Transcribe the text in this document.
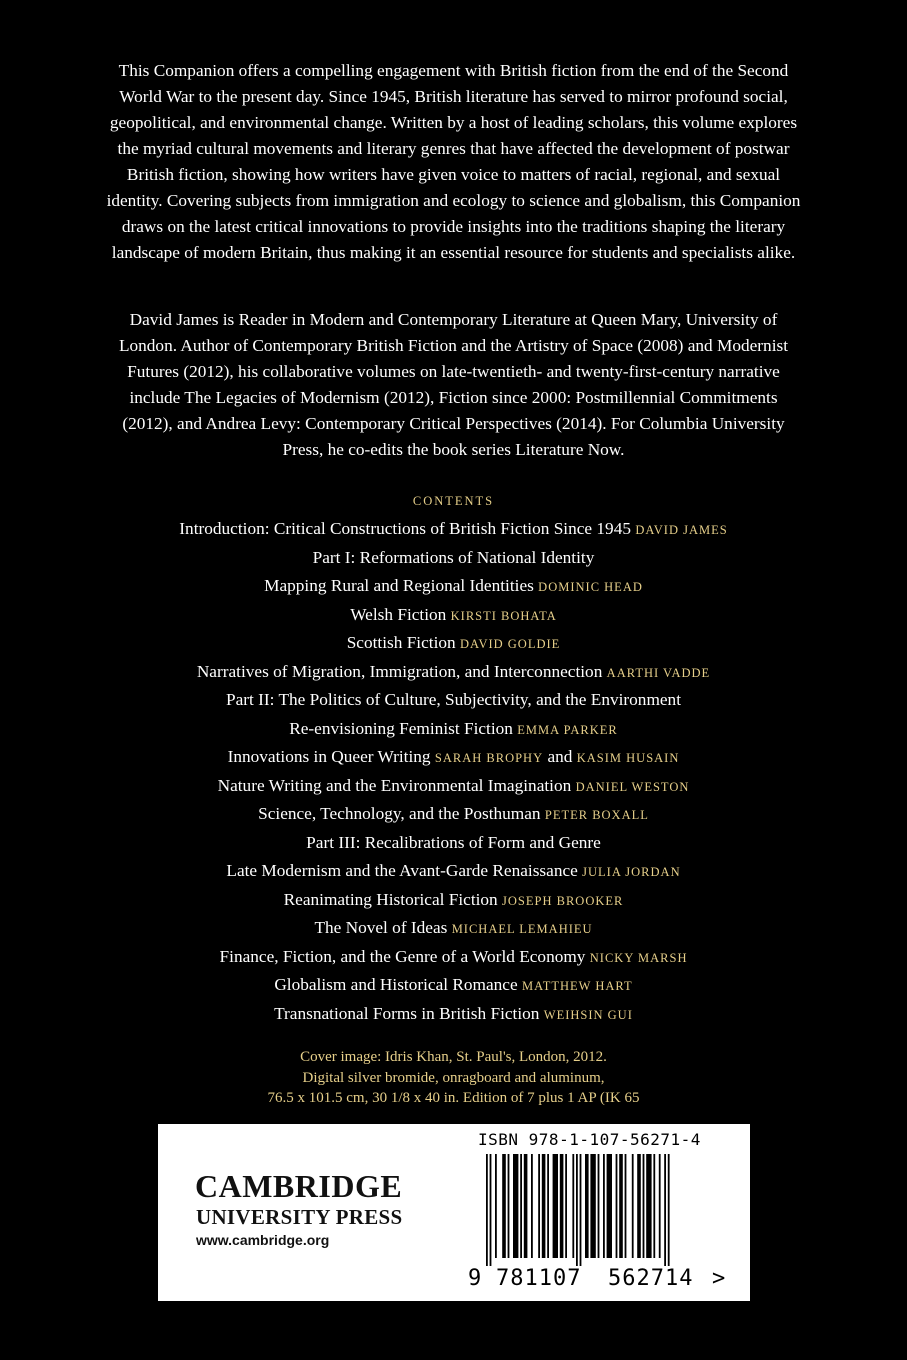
This Companion offers a compelling engagement with British fiction from the end of the Second World War to the present day. Since 1945, British literature has served to mirror profound social, geopolitical, and environmental change. Written by a host of leading scholars, this volume explores the myriad cultural movements and literary genres that have affected the development of postwar British fiction, showing how writers have given voice to matters of racial, regional, and sexual identity. Covering subjects from immigration and ecology to science and globalism, this Companion draws on the latest critical innovations to provide insights into the traditions shaping the literary landscape of modern Britain, thus making it an essential resource for students and specialists alike.

David James is Reader in Modern and Contemporary Literature at Queen Mary, University of London. Author of Contemporary British Fiction and the Artistry of Space (2008) and Modernist Futures (2012), his collaborative volumes on late-twentieth- and twenty-first-century narrative include The Legacies of Modernism (2012), Fiction since 2000: Postmillennial Commitments (2012), and Andrea Levy: Contemporary Critical Perspectives (2014). For Columbia University Press, he co-edits the book series Literature Now.

CONTENTS
Introduction: Critical Constructions of British Fiction Since 1945 DAVID JAMES
Part I: Reformations of National Identity
Mapping Rural and Regional Identities DOMINIC HEAD
Welsh Fiction KIRSTI BOHATA
Scottish Fiction DAVID GOLDIE
Narratives of Migration, Immigration, and Interconnection AARTHI VADDE
Part II: The Politics of Culture, Subjectivity, and the Environment
Re-envisioning Feminist Fiction EMMA PARKER
Innovations in Queer Writing SARAH BROPHY and KASIM HUSAIN
Nature Writing and the Environmental Imagination DANIEL WESTON
Science, Technology, and the Posthuman PETER BOXALL
Part III: Recalibrations of Form and Genre
Late Modernism and the Avant-Garde Renaissance JULIA JORDAN
Reanimating Historical Fiction JOSEPH BROOKER
The Novel of Ideas MICHAEL LEMAHIEU
Finance, Fiction, and the Genre of a World Economy NICKY MARSH
Globalism and Historical Romance MATTHEW HART
Transnational Forms in British Fiction WEIHSIN GUI
Cover image: Idris Khan, St. Paul's, London, 2012.
Digital silver bromide, onragboard and aluminum,
76.5 x 101.5 cm, 30 1/8 x 40 in. Edition of 7 plus 1 AP (IK 65
CAMBRIDGE
UNIVERSITY PRESS
www.cambridge.org
ISBN 978-1-107-56271-4
9 781107 562714 >
